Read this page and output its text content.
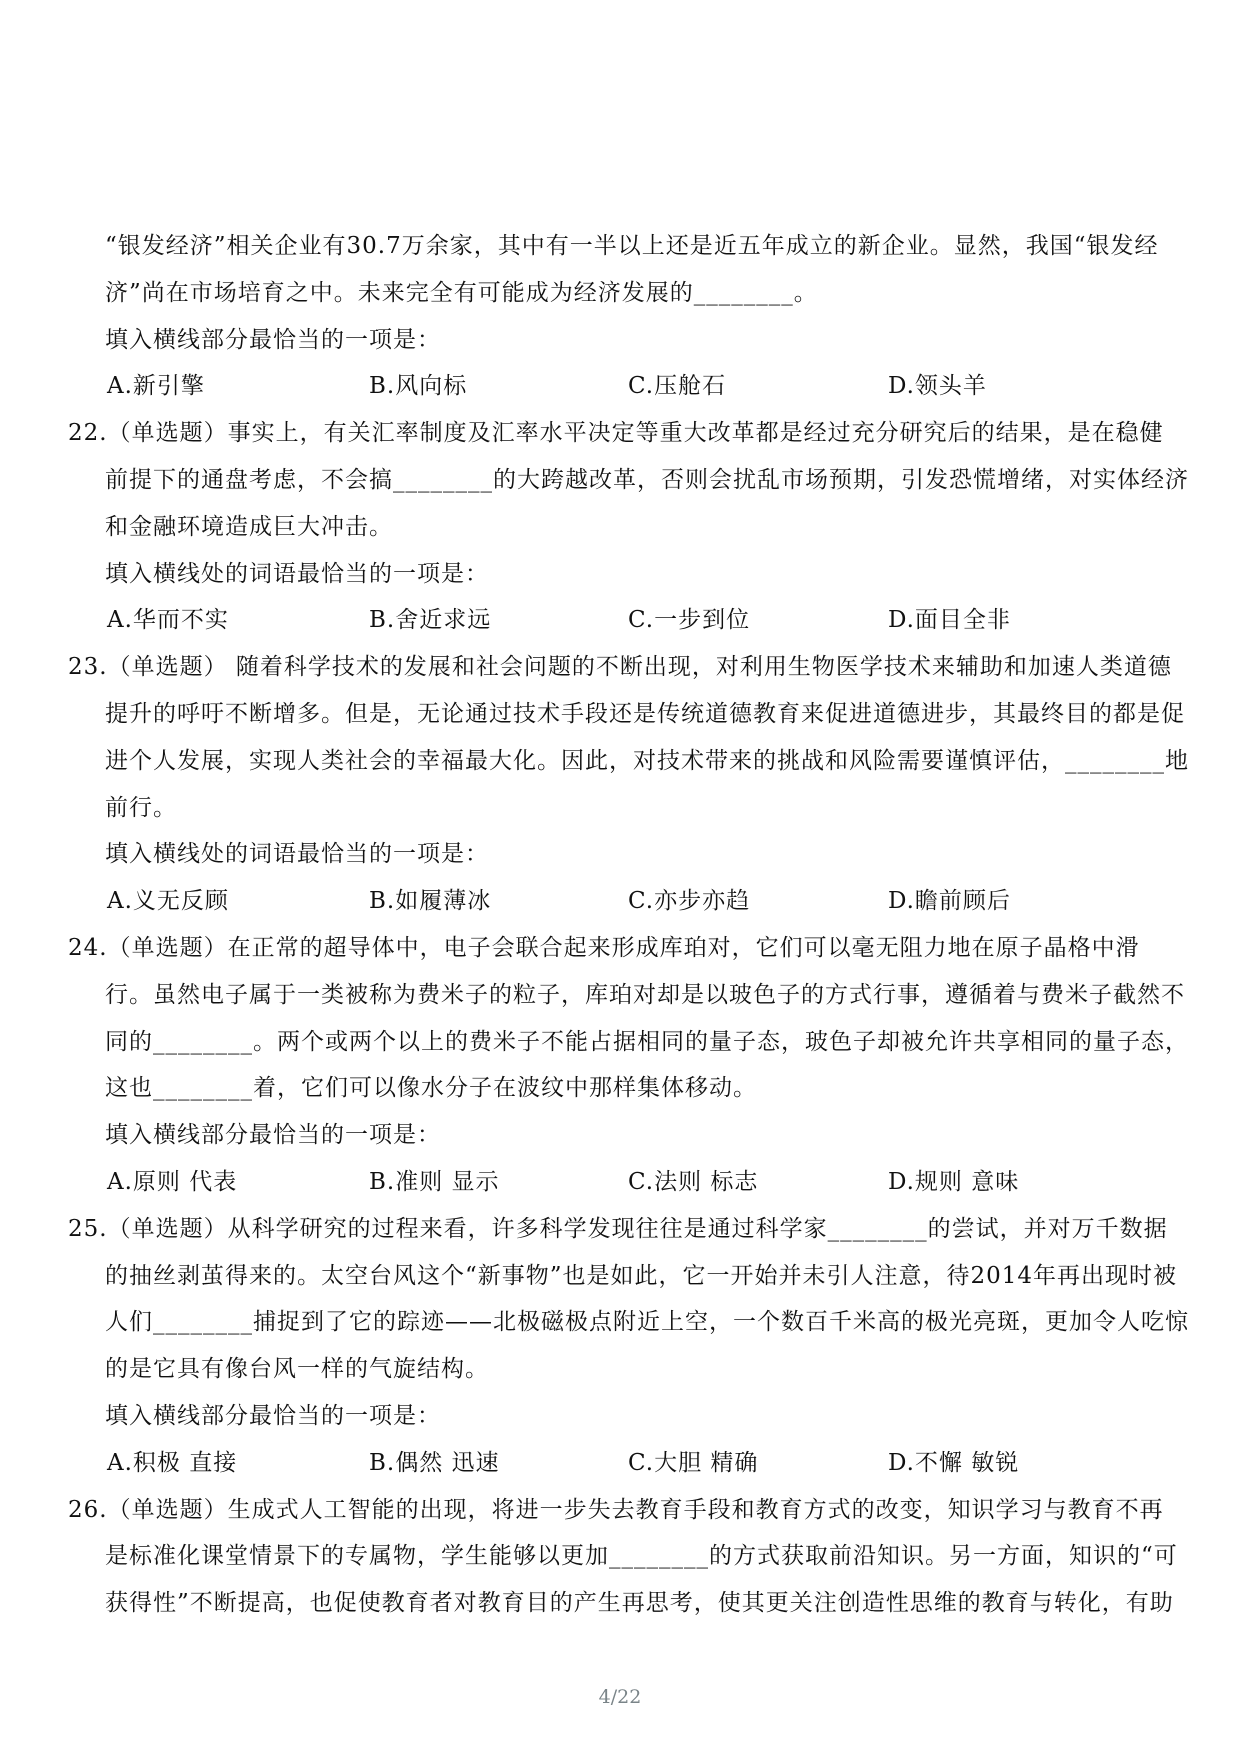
“银发经济”相关企业有30.7万余家，其中有一半以上还是近五年成立的新企业。显然，我国“银发经
济”尚在市场培育之中。未来完全有可能成为经济发展的________。
填入横线部分最恰当的一项是：
A.新引擎	B.风向标	C.压舱石	D.领头羊
22.（单选题）事实上，有关汇率制度及汇率水平决定等重大改革都是经过充分研究后的结果，是在稳健
前提下的通盘考虑，不会搞________的大跨越改革，否则会扰乱市场预期，引发恐慌增绪，对实体经济
和金融环境造成巨大冲击。
填入横线处的词语最恰当的一项是：
A.华而不实	B.舍近求远	C.一步到位	D.面目全非
23.（单选题） 随着科学技术的发展和社会问题的不断出现，对利用生物医学技术来辅助和加速人类道德
提升的呼吁不断增多。但是，无论通过技术手段还是传统道德教育来促进道德进步，其最终目的都是促
进个人发展，实现人类社会的幸福最大化。因此，对技术带来的挑战和风险需要谨慎评估，________地
前行。
填入横线处的词语最恰当的一项是：
A.义无反顾	B.如履薄冰	C.亦步亦趋	D.瞻前顾后
24.（单选题）在正常的超导体中，电子会联合起来形成库珀对，它们可以毫无阻力地在原子晶格中滑
行。虽然电子属于一类被称为费米子的粒子，库珀对却是以玻色子的方式行事，遵循着与费米子截然不
同的________。两个或两个以上的费米子不能占据相同的量子态，玻色子却被允许共享相同的量子态，
这也________着，它们可以像水分子在波纹中那样集体移动。
填入横线部分最恰当的一项是：
A.原则 代表	B.准则 显示	C.法则 标志	D.规则 意味
25.（单选题）从科学研究的过程来看，许多科学发现往往是通过科学家________的尝试，并对万千数据
的抽丝剥茧得来的。太空台风这个“新事物”也是如此，它一开始并未引人注意，待2014年再出现时被
人们________捕捉到了它的踪迹——北极磁极点附近上空，一个数百千米高的极光亮斑，更加令人吃惊
的是它具有像台风一样的气旋结构。
填入横线部分最恰当的一项是：
A.积极 直接	B.偶然 迅速	C.大胆 精确	D.不懈 敏锐
26.（单选题）生成式人工智能的出现，将进一步失去教育手段和教育方式的改变，知识学习与教育不再
是标准化课堂情景下的专属物，学生能够以更加________的方式获取前沿知识。另一方面，知识的“可
获得性”不断提高，也促使教育者对教育目的产生再思考，使其更关注创造性思维的教育与转化，有助
4/22
